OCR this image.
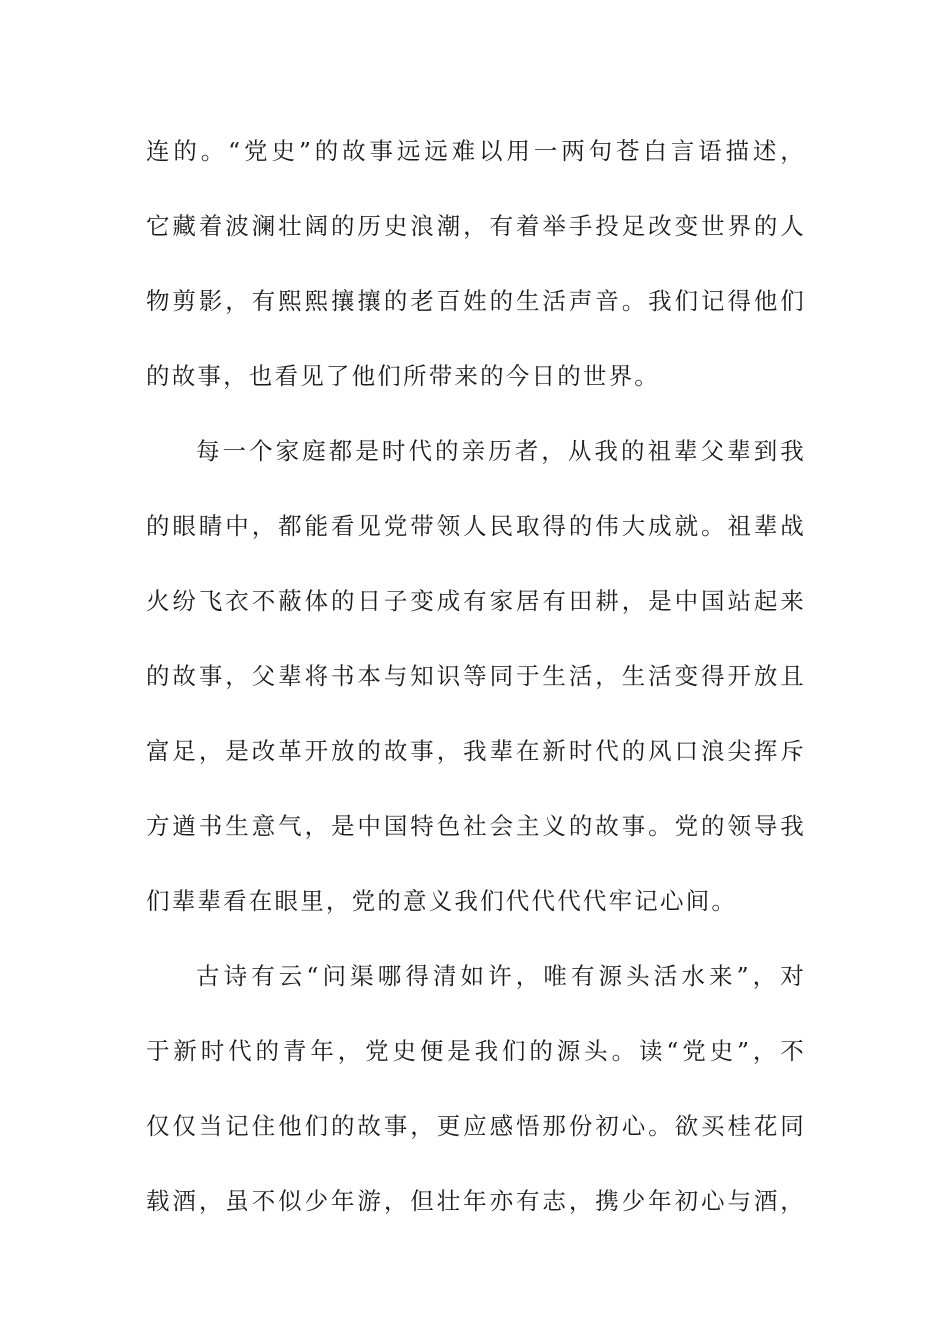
连的。“党史”的故事远远难以用一两句苍白言语描述，
它藏着波澜壮阔的历史浪潮，有着举手投足改变世界的人
物剪影，有熙熙攘攘的老百姓的生活声音。我们记得他们
的故事，也看见了他们所带来的今日的世界。
每一个家庭都是时代的亲历者，从我的祖辈父辈到我
的眼睛中，都能看见党带领人民取得的伟大成就。祖辈战
火纷飞衣不蔽体的日子变成有家居有田耕，是中国站起来
的故事，父辈将书本与知识等同于生活，生活变得开放且
富足，是改革开放的故事，我辈在新时代的风口浪尖挥斥
方遒书生意气，是中国特色社会主义的故事。党的领导我
们辈辈看在眼里，党的意义我们代代代代牢记心间。
古诗有云“问渠哪得清如许，唯有源头活水来”，对
于新时代的青年，党史便是我们的源头。读“党史”，不
仅仅当记住他们的故事，更应感悟那份初心。欲买桂花同
载酒，虽不似少年游，但壮年亦有志，携少年初心与酒，
